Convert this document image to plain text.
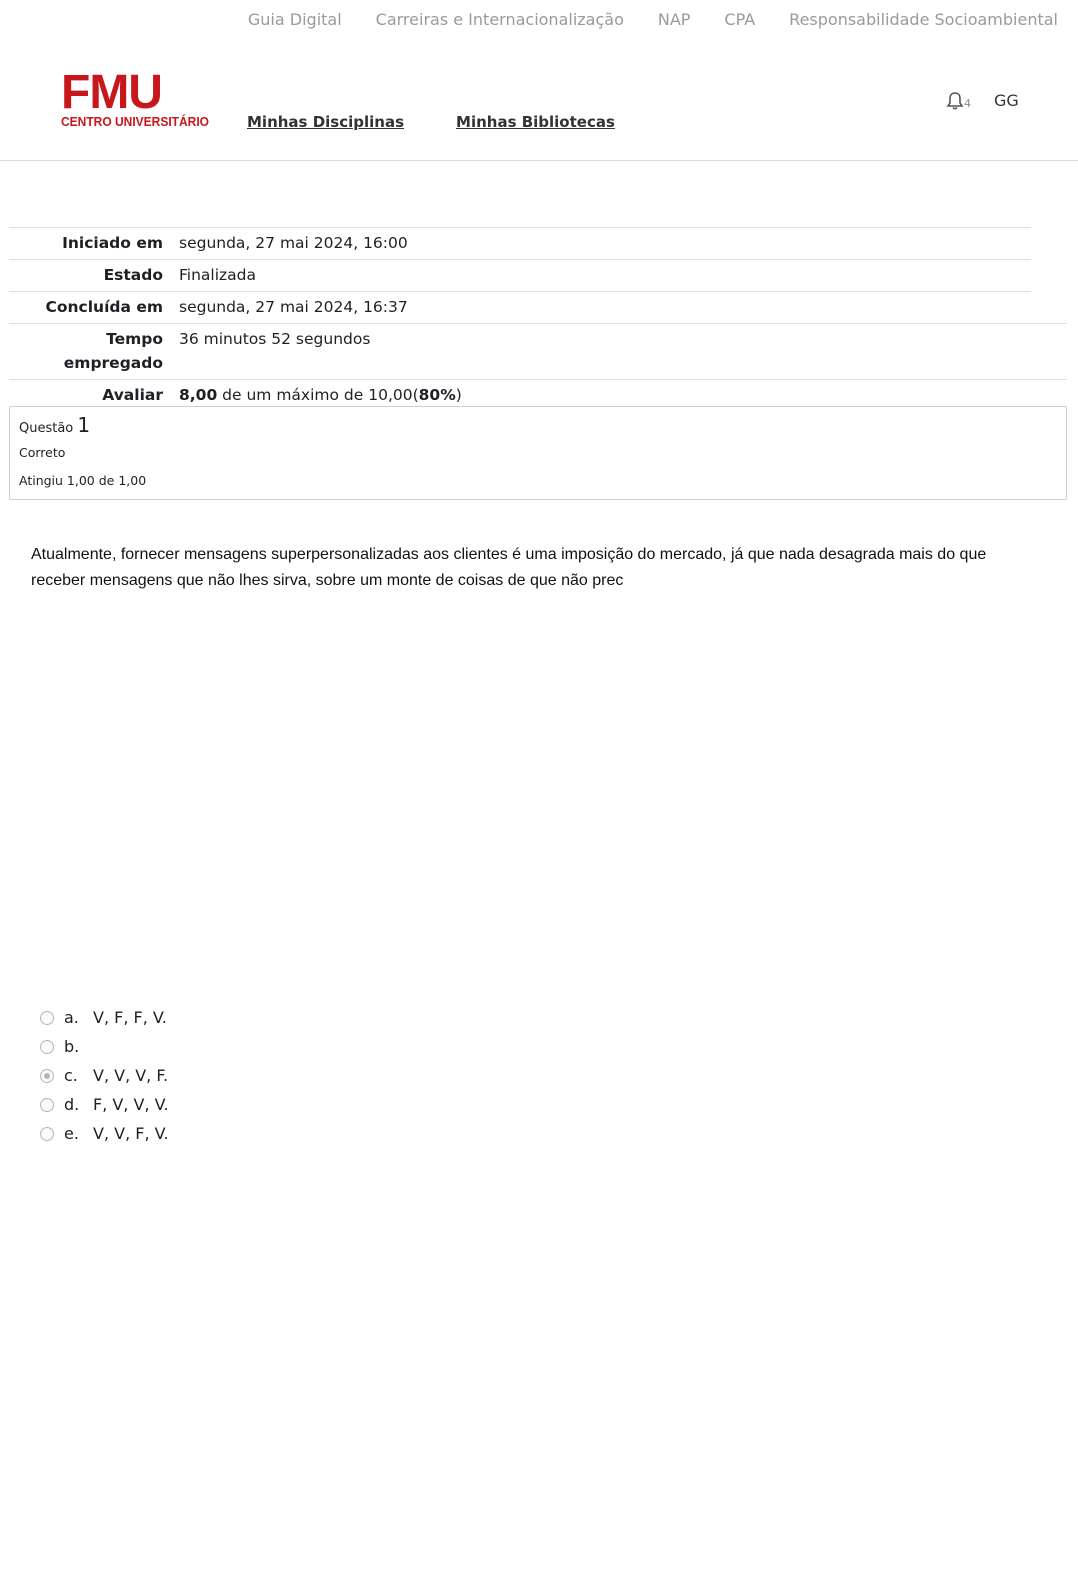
Guia Digital Carreiras e Internacionalização NAP CPA Responsabilidade Socioambiental
FMU
CENTRO UNIVERSITÁRIO	Minhas Disciplinas	Minhas Bibliotecas
4 GG
Iniciado em	segunda, 27 mai 2024, 16:00
Estado	Finalizada
Concluída em	segunda, 27 mai 2024, 16:37
Tempo empregado	36 minutos 52 segundos
Avaliar	8,00 de um máximo de 10,00(80%)
Questão 1
Correto
Atingiu 1,00 de 1,00
Atualmente, fornecer mensagens superpersonalizadas aos clientes é uma imposição do mercado, já que nada desagrada mais do que receber mensagens que não lhes sirva, sobre um monte de coisas de que não prec
a. V, F, F, V.
b.
c. V, V, V, F.
d. F, V, V, V.
e. V, V, F, V.
